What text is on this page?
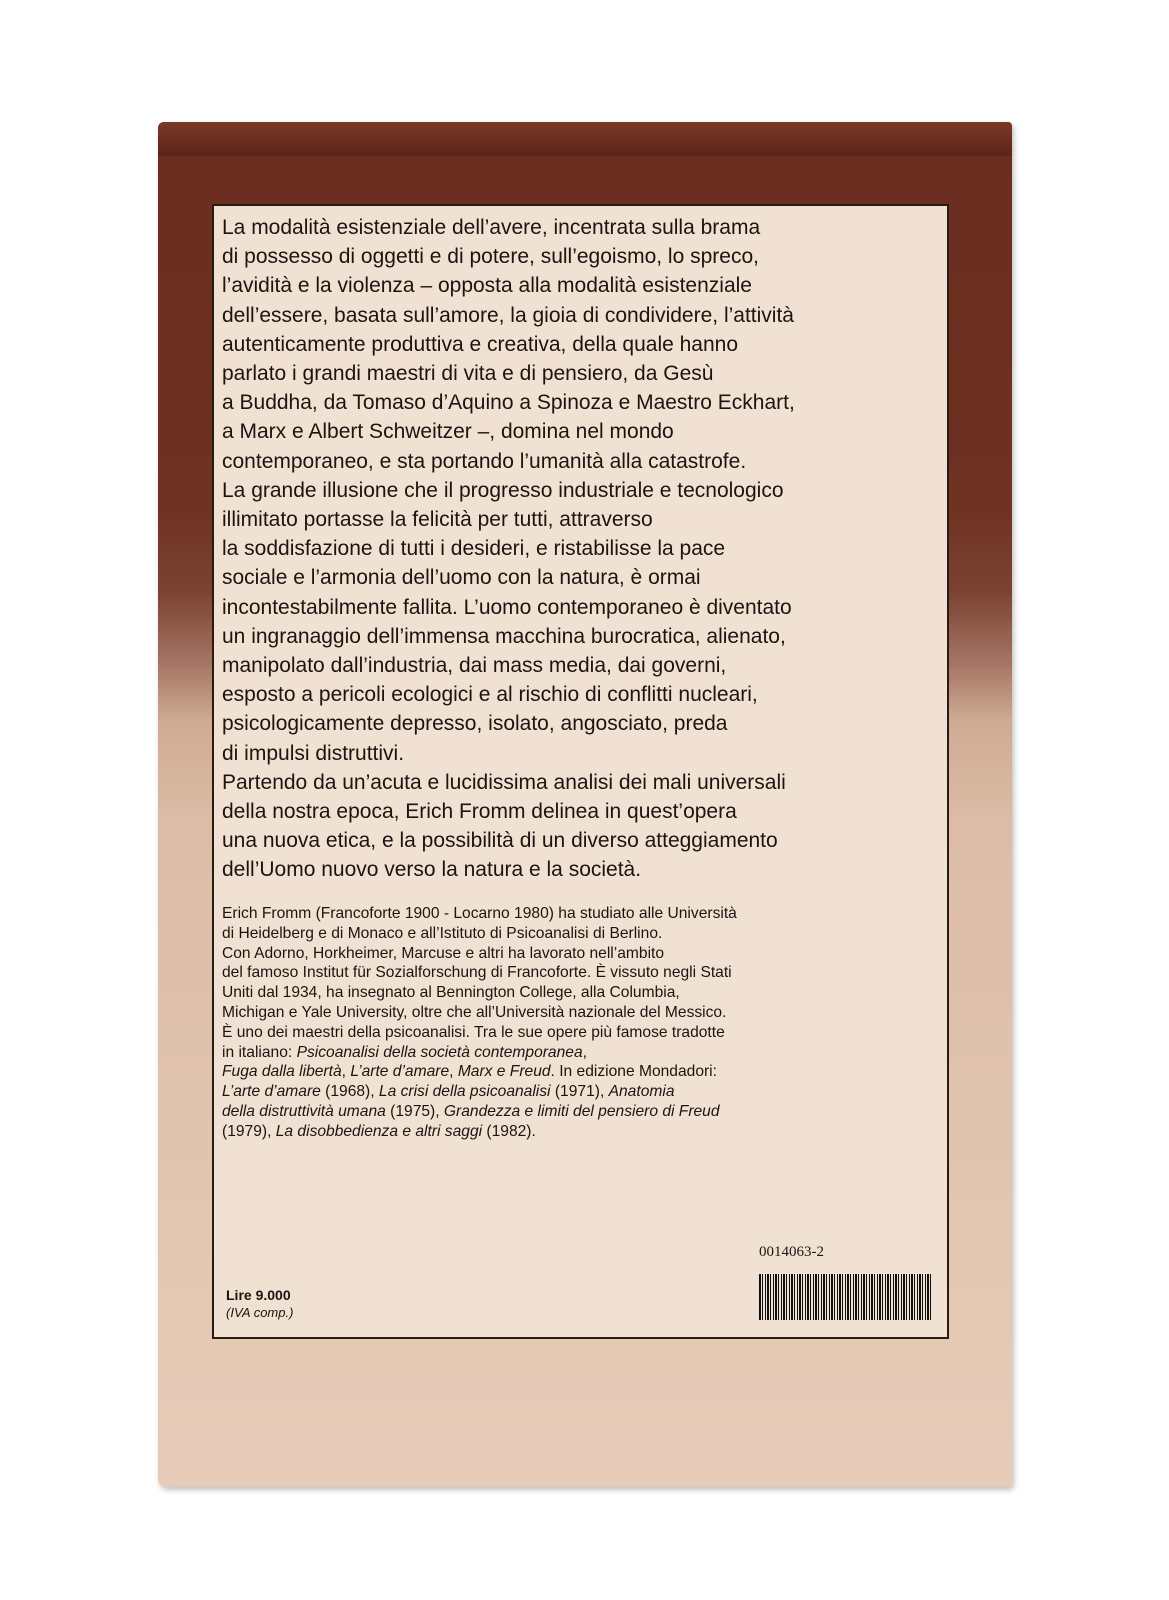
La modalità esistenziale dell’avere, incentrata sulla brama
di possesso di oggetti e di potere, sull’egoismo, lo spreco,
l’avidità e la violenza – opposta alla modalità esistenziale
dell’essere, basata sull’amore, la gioia di condividere, l’attività
autenticamente produttiva e creativa, della quale hanno
parlato i grandi maestri di vita e di pensiero, da Gesù
a Buddha, da Tomaso d’Aquino a Spinoza e Maestro Eckhart,
a Marx e Albert Schweitzer –, domina nel mondo
contemporaneo, e sta portando l’umanità alla catastrofe.
La grande illusione che il progresso industriale e tecnologico
illimitato portasse la felicità per tutti, attraverso
la soddisfazione di tutti i desideri, e ristabilisse la pace
sociale e l’armonia dell’uomo con la natura, è ormai
incontestabilmente fallita. L’uomo contemporaneo è diventato
un ingranaggio dell’immensa macchina burocratica, alienato,
manipolato dall’industria, dai mass media, dai governi,
esposto a pericoli ecologici e al rischio di conflitti nucleari,
psicologicamente depresso, isolato, angosciato, preda
di impulsi distruttivi.
Partendo da un’acuta e lucidissima analisi dei mali universali
della nostra epoca, Erich Fromm delinea in quest’opera
una nuova etica, e la possibilità di un diverso atteggiamento
dell’Uomo nuovo verso la natura e la società.

Erich Fromm (Francoforte 1900 - Locarno 1980) ha studiato alle Università
di Heidelberg e di Monaco e all’Istituto di Psicoanalisi di Berlino.
Con Adorno, Horkheimer, Marcuse e altri ha lavorato nell’ambito
del famoso Institut für Sozialforschung di Francoforte. È vissuto negli Stati
Uniti dal 1934, ha insegnato al Bennington College, alla Columbia,
Michigan e Yale University, oltre che all’Università nazionale del Messico.
È uno dei maestri della psicoanalisi. Tra le sue opere più famose tradotte
in italiano: Psicoanalisi della società contemporanea,
Fuga dalla libertà, L’arte d’amare, Marx e Freud. In edizione Mondadori:
L’arte d’amare (1968), La crisi della psicoanalisi (1971), Anatomia
della distruttività umana (1975), Grandezza e limiti del pensiero di Freud
(1979), La disobbedienza e altri saggi (1982).

0014063-2
Lire 9.000
(IVA comp.)
